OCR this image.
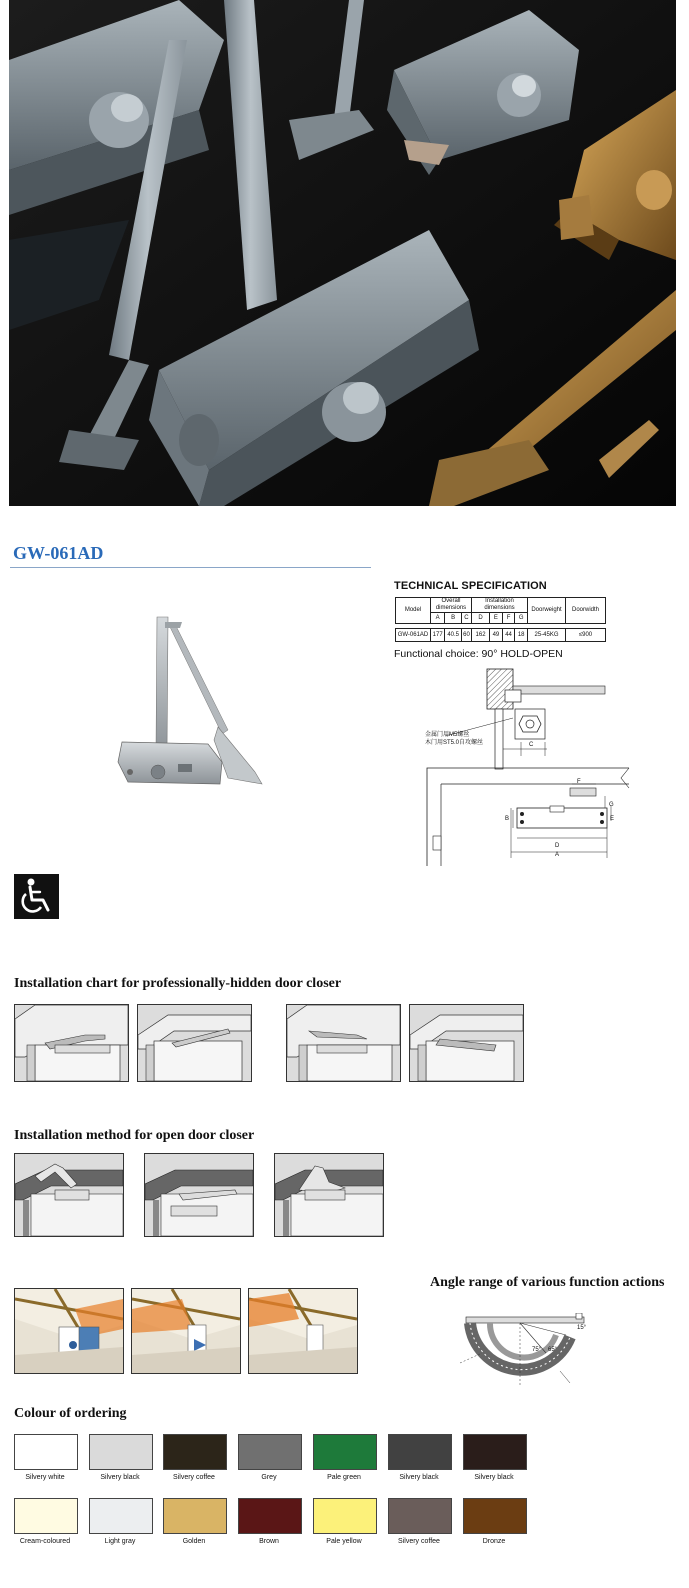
GW-061AD
TECHNICAL SPECIFICATION
Model	Overall dimensions			Installation dimensions				Doorweight	Doorwidth
	A	B	C	D	E	F	G		

GW-061AD	177	40.5	60	162	49	44	18	25-45KG	≤900
Functional choice: 90° HOLD-OPEN
C
金属门用M5螺丝
木门用ST5.0自攻螺丝
F
G
B	E
D
A
Installation chart for professionally-hidden door closer
Installation method for open door closer
Angle range of various function actions
15°
65°
75°
Colour of ordering
Silvery white	Silvery black	Silvery coffee	Grey	Pale green	Silvery black	Silvery black
Cream-coloured	Light gray	Golden	Brown	Pale yellow	Silvery coffee	Dronze
